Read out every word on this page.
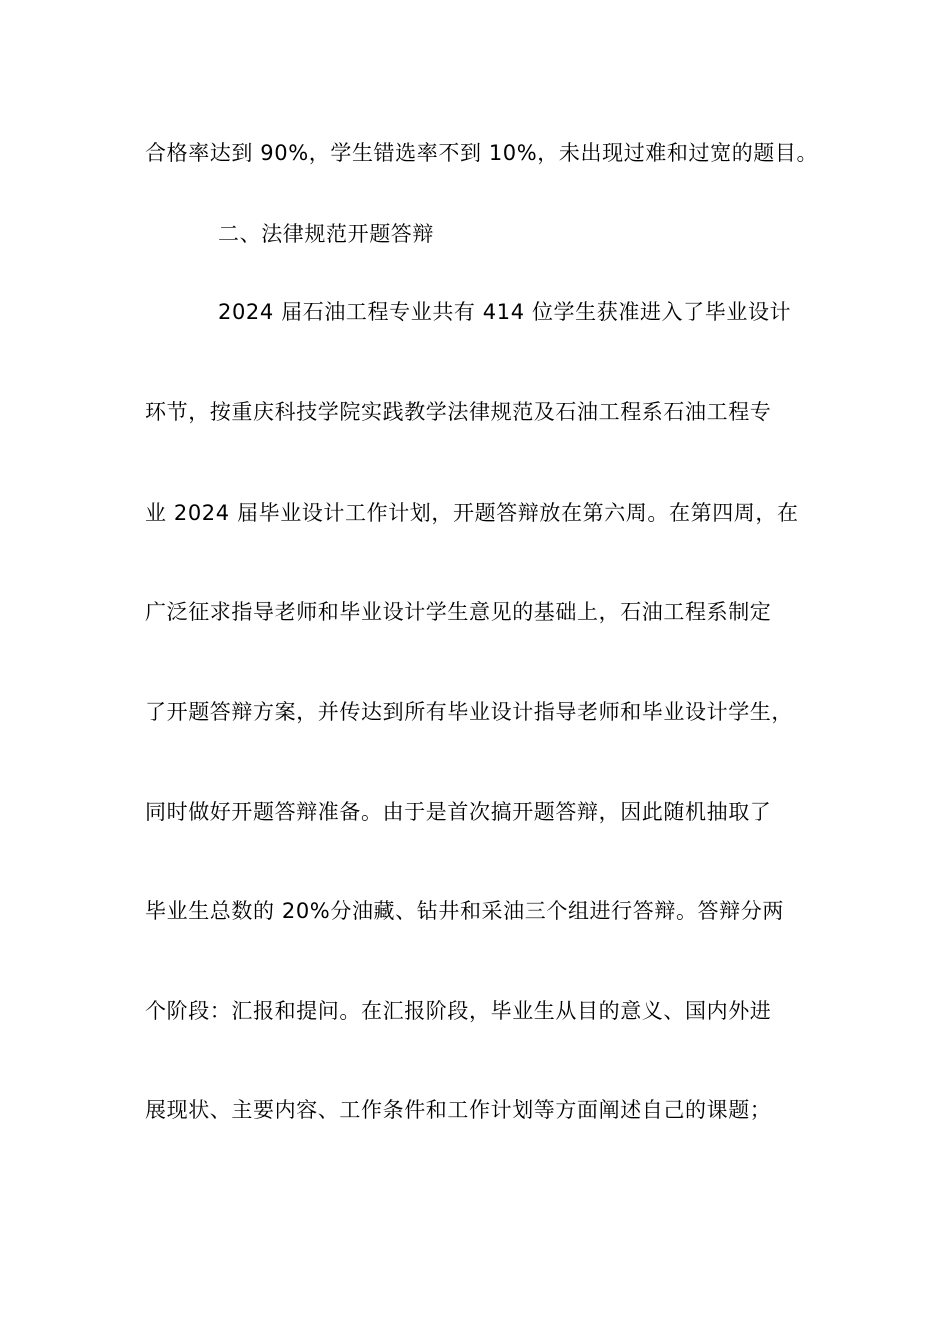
合格率达到 90%，学生错选率不到 10%，未出现过难和过宽的题目。
二、法律规范开题答辩
2024 届石油工程专业共有 414 位学生获准进入了毕业设计
环节，按重庆科技学院实践教学法律规范及石油工程系石油工程专
业 2024 届毕业设计工作计划，开题答辩放在第六周。在第四周，在
广泛征求指导老师和毕业设计学生意见的基础上，石油工程系制定
了开题答辩方案，并传达到所有毕业设计指导老师和毕业设计学生，
同时做好开题答辩准备。由于是首次搞开题答辩，因此随机抽取了
毕业生总数的 20%分油藏、钻井和采油三个组进行答辩。答辩分两
个阶段：汇报和提问。在汇报阶段，毕业生从目的意义、国内外进
展现状、主要内容、工作条件和工作计划等方面阐述自己的课题；
